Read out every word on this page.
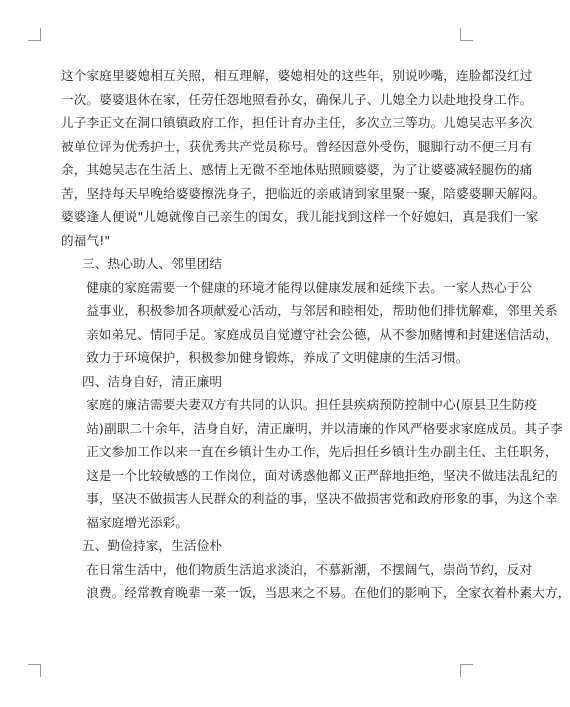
这个家庭里婆媳相互关照，相互理解，婆媳相处的这些年，别说吵嘴，连脸都没红过
一次。婆婆退休在家，任劳任怨地照看孙女，确保儿子、儿媳全力以赴地投身工作。
儿子李正文在洞口镇镇政府工作，担任计育办主任，多次立三等功。儿媳吴志平多次
被单位评为优秀护士，获优秀共产党员称号。曾经因意外受伤，腿脚行动不便三月有
余，其媳吴志在生活上、感情上无微不至地体贴照顾婆婆，为了让婆婆减轻腿伤的痛
苦，坚持每天早晚给婆婆擦洗身子，把临近的亲戚请到家里聚一聚，陪婆婆聊天解闷。
婆婆逢人便说"儿媳就像自己亲生的闺女，我儿能找到这样一个好媳妇，真是我们一家
的福气!"
三、热心助人、邻里团结
健康的家庭需要一个健康的环境才能得以健康发展和延续下去。一家人热心于公
益事业，积极参加各项献爱心活动，与邻居和睦相处，帮助他们排忧解难，邻里关系
亲如弟兄、情同手足。家庭成员自觉遵守社会公德，从不参加赌博和封建迷信活动，
致力于环境保护，积极参加健身锻炼，养成了文明健康的生活习惯。
四、洁身自好，清正廉明
家庭的廉洁需要夫妻双方有共同的认识。担任县疾病预防控制中心(原县卫生防疫
站)副职二十余年，洁身自好，清正廉明，并以清廉的作风严格要求家庭成员。其子李
正文参加工作以来一直在乡镇计生办工作，先后担任乡镇计生办副主任、主任职务，
这是一个比较敏感的工作岗位，面对诱惑他都义正严辞地拒绝，坚决不做违法乱纪的
事，坚决不做损害人民群众的利益的事，坚决不做损害党和政府形象的事，为这个幸
福家庭增光添彩。
五、勤俭持家，生活俭朴
在日常生活中，他们物质生活追求淡泊，不慕新潮，不摆阔气，崇尚节约，反对
浪费。经常教育晚辈一菜一饭，当思来之不易。在他们的影响下，全家衣着朴素大方，
